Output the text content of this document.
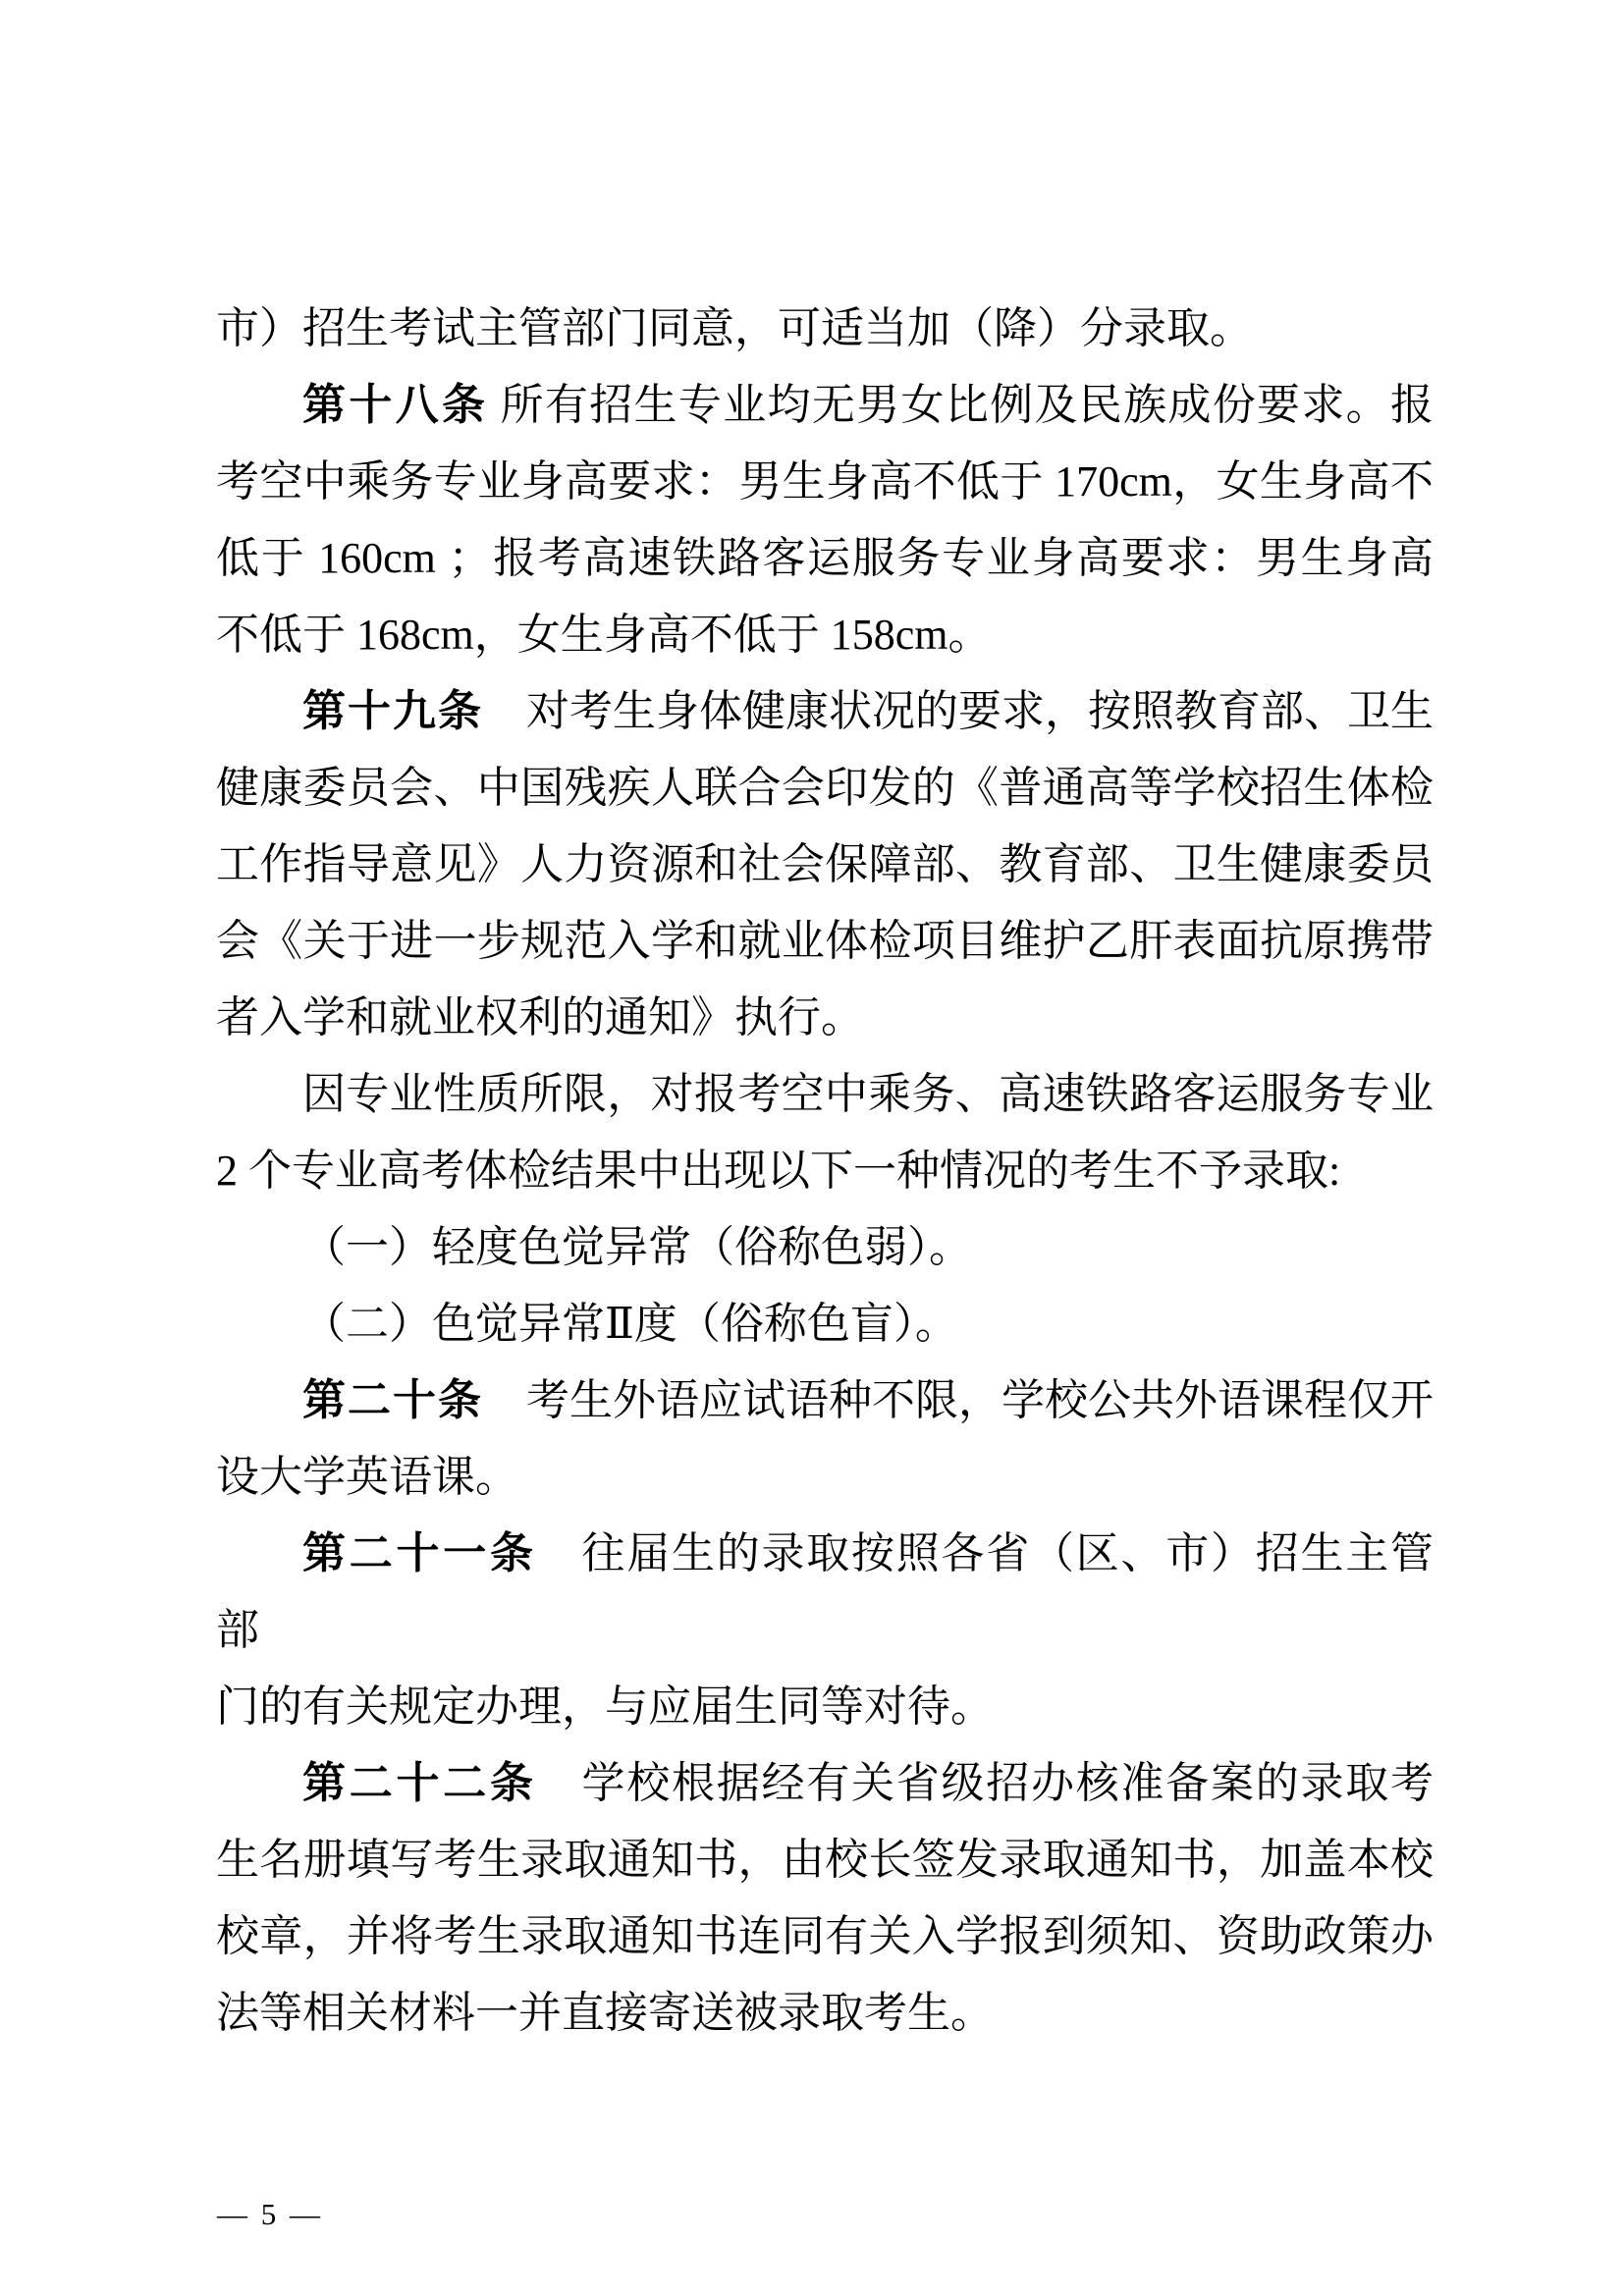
市）招生考试主管部门同意，可适当加（降）分录取。
第十八条 所有招生专业均无男女比例及民族成份要求。报
考空中乘务专业身高要求：男生身高不低于 170cm，女生身高不
低于 160cm ；报考高速铁路客运服务专业身高要求：男生身高
不低于 168cm，女生身高不低于 158cm。
第十九条　对考生身体健康状况的要求，按照教育部、卫生
健康委员会、中国残疾人联合会印发的《普通高等学校招生体检
工作指导意见》人力资源和社会保障部、教育部、卫生健康委员
会《关于进一步规范入学和就业体检项目维护乙肝表面抗原携带
者入学和就业权利的通知》执行。
因专业性质所限，对报考空中乘务、高速铁路客运服务专业
2 个专业高考体检结果中出现以下一种情况的考生不予录取:
（一）轻度色觉异常（俗称色弱）。
（二）色觉异常Ⅱ度（俗称色盲）。
第二十条　考生外语应试语种不限，学校公共外语课程仅开
设大学英语课。
第二十一条　往届生的录取按照各省（区、市）招生主管部
门的有关规定办理，与应届生同等对待。
第二十二条　学校根据经有关省级招办核准备案的录取考
生名册填写考生录取通知书，由校长签发录取通知书，加盖本校
校章，并将考生录取通知书连同有关入学报到须知、资助政策办
法等相关材料一并直接寄送被录取考生。
— 5 —
